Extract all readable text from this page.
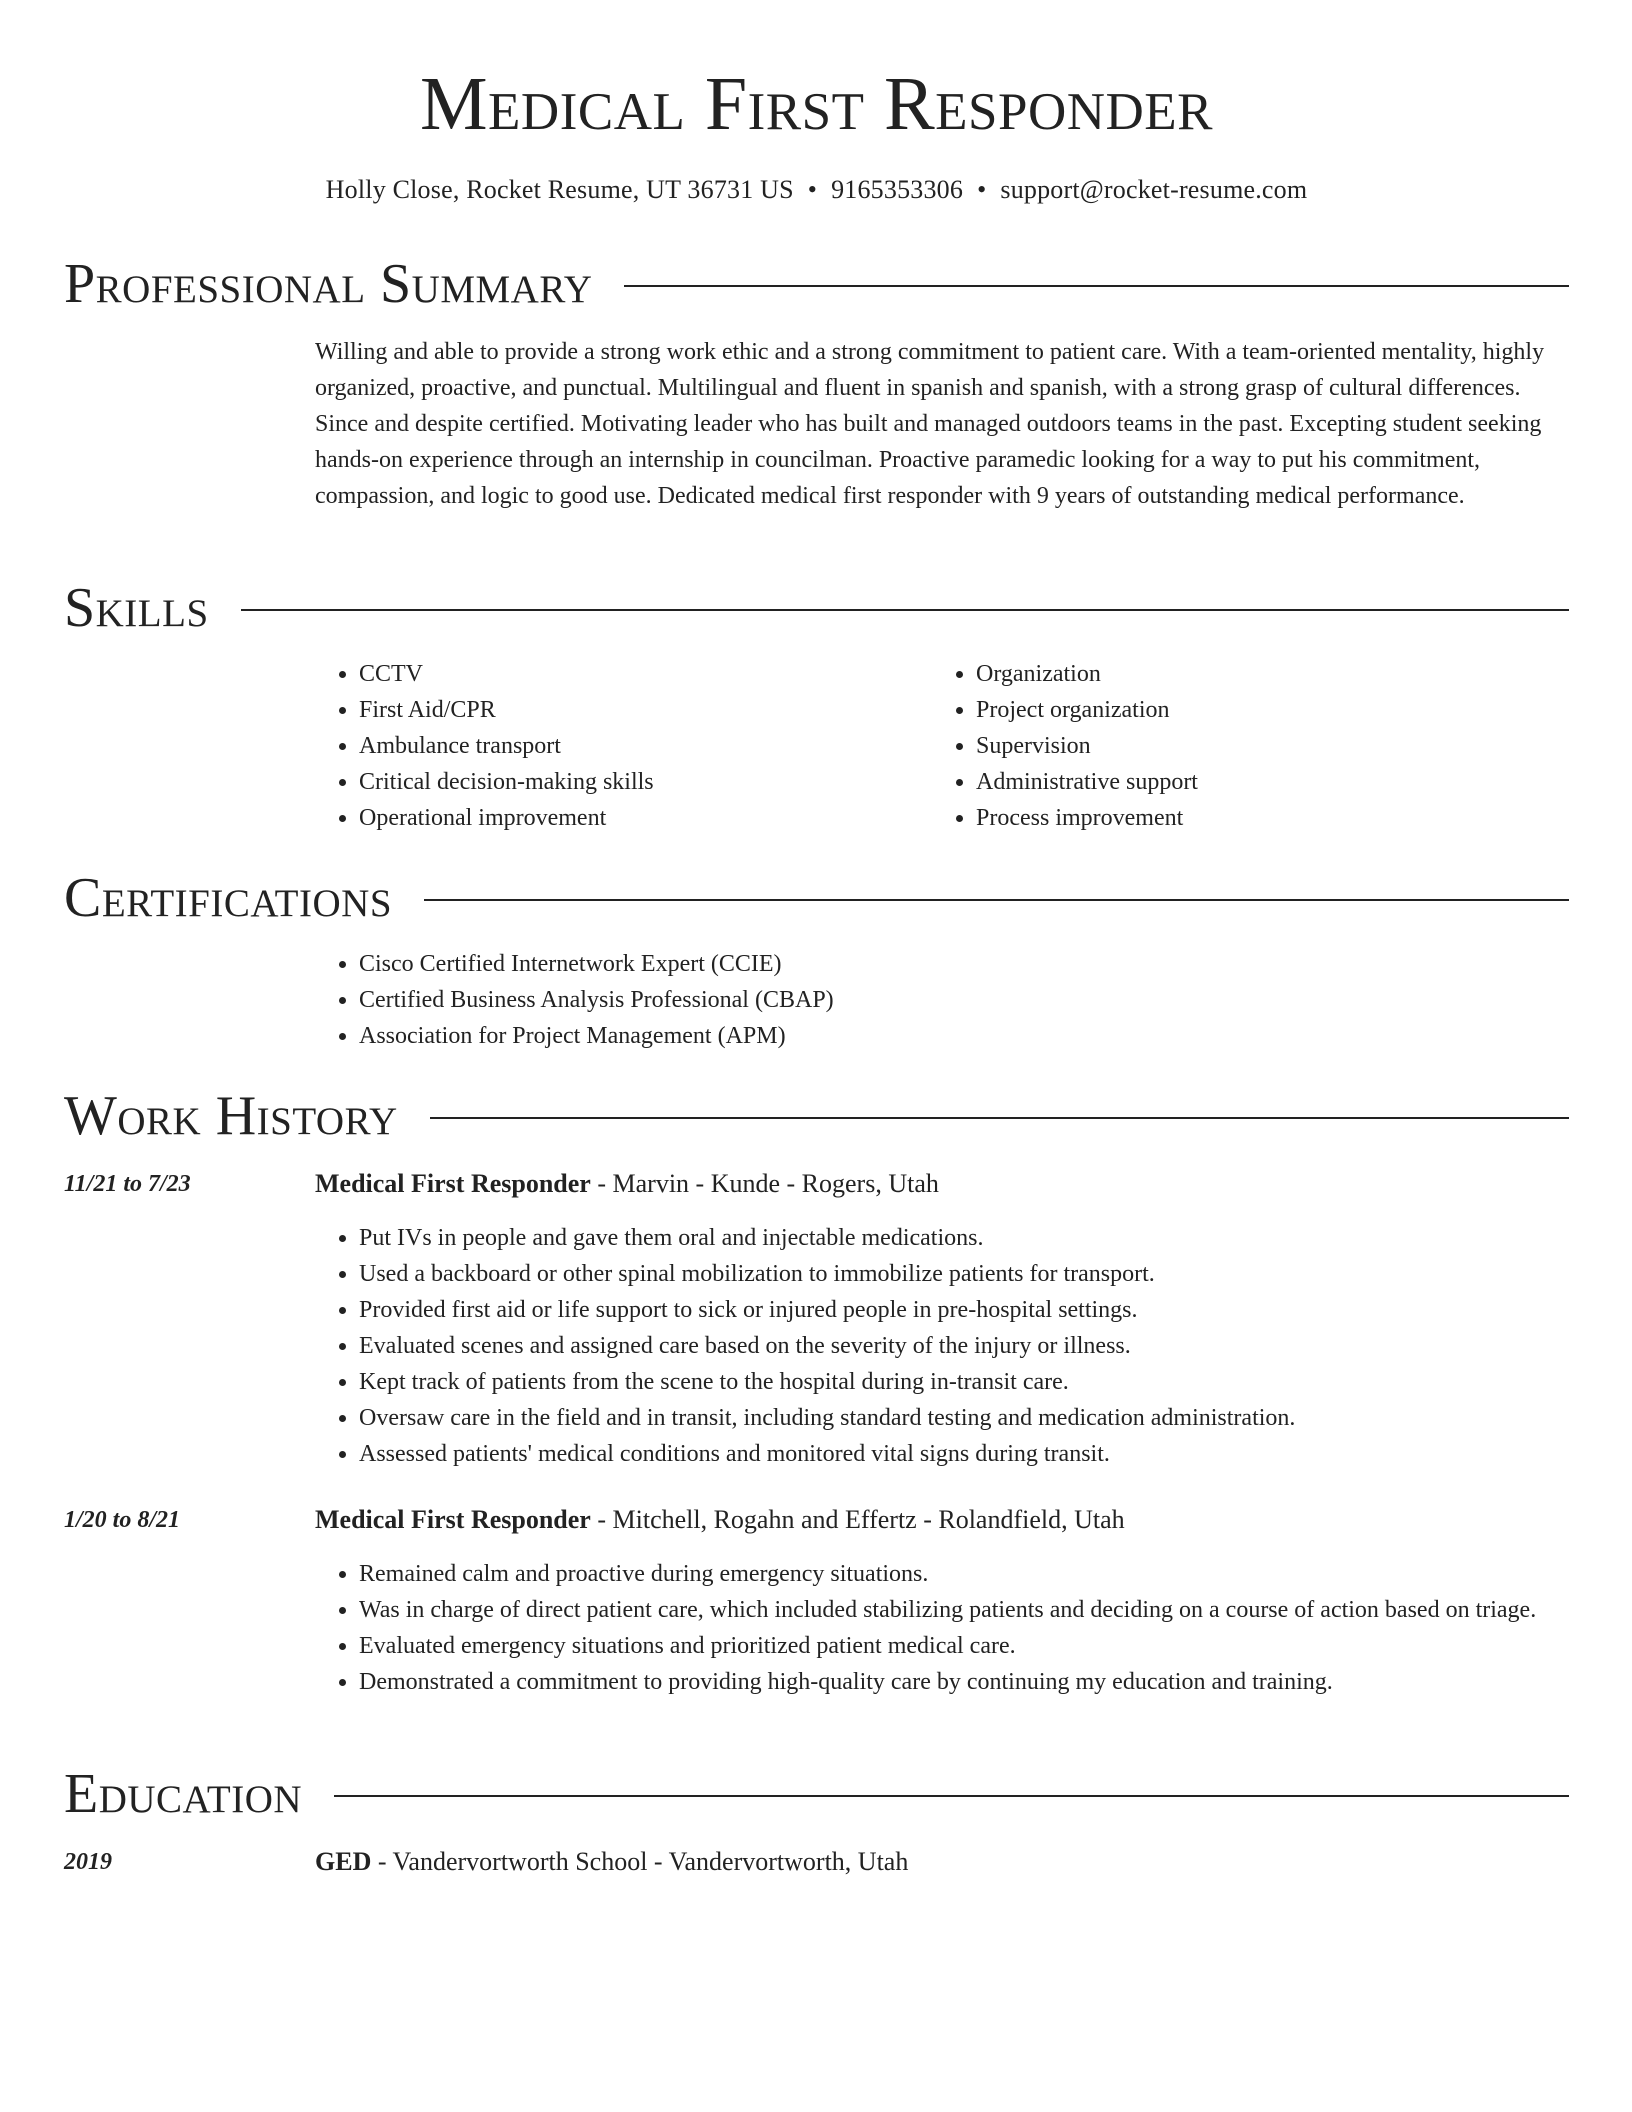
Medical First Responder
Holly Close, Rocket Resume, UT 36731 US • 9165353306 • support@rocket-resume.com
Professional Summary

Willing and able to provide a strong work ethic and a strong commitment to patient care. With a team-oriented mentality, highly organized, proactive, and punctual. Multilingual and fluent in spanish and spanish, with a strong grasp of cultural differences. Since and despite certified. Motivating leader who has built and managed outdoors teams in the past. Excepting student seeking hands-on experience through an internship in councilman. Proactive paramedic looking for a way to put his commitment, compassion, and logic to good use. Dedicated medical first responder with 9 years of outstanding medical performance.

Skills
• CCTV
• First Aid/CPR
• Ambulance transport
• Critical decision-making skills
• Operational improvement
• Organization
• Project organization
• Supervision
• Administrative support
• Process improvement
Certifications
• Cisco Certified Internetwork Expert (CCIE)
• Certified Business Analysis Professional (CBAP)
• Association for Project Management (APM)
Work History
11/21 to 7/23	Medical First Responder - Marvin - Kunde - Rogers, Utah
• Put IVs in people and gave them oral and injectable medications.
• Used a backboard or other spinal mobilization to immobilize patients for transport.
• Provided first aid or life support to sick or injured people in pre-hospital settings.
• Evaluated scenes and assigned care based on the severity of the injury or illness.
• Kept track of patients from the scene to the hospital during in-transit care.
• Oversaw care in the field and in transit, including standard testing and medication administration.
• Assessed patients' medical conditions and monitored vital signs during transit.
1/20 to 8/21	Medical First Responder - Mitchell, Rogahn and Effertz - Rolandfield, Utah
• Remained calm and proactive during emergency situations.
• Was in charge of direct patient care, which included stabilizing patients and deciding on a course of action based on triage.
• Evaluated emergency situations and prioritized patient medical care.
• Demonstrated a commitment to providing high-quality care by continuing my education and training.
Education
2019	GED - Vandervortworth School - Vandervortworth, Utah
